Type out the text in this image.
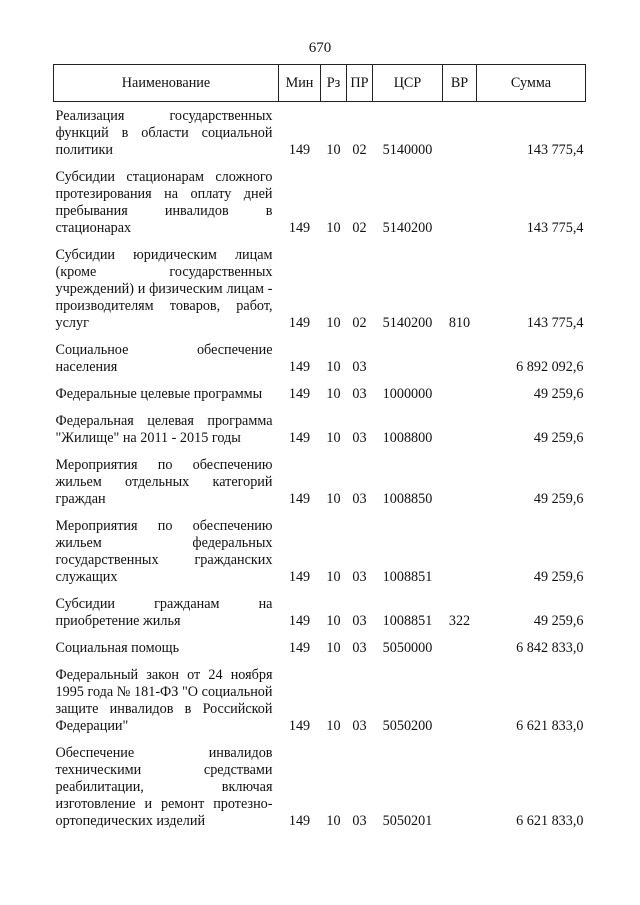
670
Наименование	Мин	Рз	ПР	ЦСР	ВР	Сумма
Реализация государственных функций в области социальной политики	149	10	02	5140000		143 775,4
Субсидии стационарам сложного протезирования на оплату дней пребывания инвалидов в стационарах	149	10	02	5140200		143 775,4
Субсидии юридическим лицам (кроме государственных учреждений) и физическим лицам - производителям товаров, работ, услуг	149	10	02	5140200	810	143 775,4
Социальное обеспечение населения	149	10	03			6 892 092,6
Федеральные целевые программы	149	10	03	1000000		49 259,6
Федеральная целевая программа "Жилище" на 2011 - 2015 годы	149	10	03	1008800		49 259,6
Мероприятия по обеспечению жильем отдельных категорий граждан	149	10	03	1008850		49 259,6
Мероприятия по обеспечению жильем федеральных государственных гражданских служащих	149	10	03	1008851		49 259,6
Субсидии гражданам на приобретение жилья	149	10	03	1008851	322	49 259,6
Социальная помощь	149	10	03	5050000		6 842 833,0
Федеральный закон от 24 ноября 1995 года № 181-ФЗ "О социальной защите инвалидов в Российской Федерации"	149	10	03	5050200		6 621 833,0
Обеспечение инвалидов техническими средствами реабилитации, включая изготовление и ремонт протезно-ортопедических изделий	149	10	03	5050201		6 621 833,0
